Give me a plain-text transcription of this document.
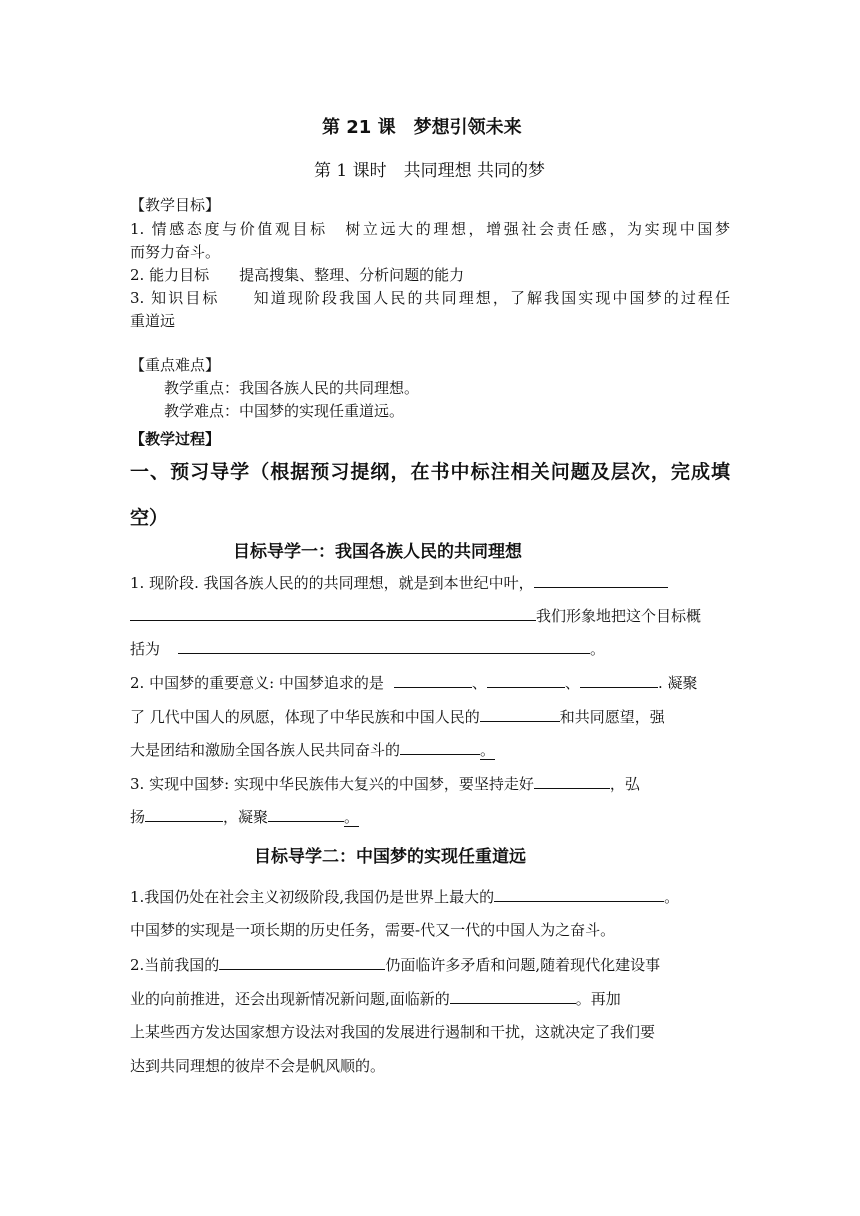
第 21 课　梦想引领未来
第 1 课时　共同理想 共同的梦
【教学目标】
1. 情感态度与价值观目标　树立远大的理想，增强社会责任感，为实现中国梦
而努力奋斗。
2. 能力目标　　提高搜集、整理、分析问题的能力
3. 知识目标　　知道现阶段我国人民的共同理想，了解我国实现中国梦的过程任
重道远
【重点难点】
教学重点：我国各族人民的共同理想。
教学难点：中国梦的实现任重道远。
【教学过程】
一、预习导学（根据预习提纲，在书中标注相关问题及层次，完成填
空）
目标导学一：我国各族人民的共同理想
1. 现阶段. 我国各族人民的的共同理想，就是到本世纪中叶，
我们形象地把这个目标概
括为	。
2. 中国梦的重要意义: 中国梦追求的是	、	、	. 凝聚
了 几代中国人的夙愿，体现了中华民族和中国人民的	和共同愿望，强
大是团结和激励全国各族人民共同奋斗的	。
3. 实现中国梦: 实现中华民族伟大复兴的中国梦，要坚持走好	，弘
扬	，凝聚	。
目标导学二：中国梦的实现任重道远
1.我国仍处在社会主义初级阶段,我国仍是世界上最大的	。
中国梦的实现是一项长期的历史任务，需要-代又一代的中国人为之奋斗。
2.当前我国的	仍面临许多矛盾和问题,随着现代化建设事
业的向前推进，还会出现新情况新问题,面临新的	。再加
上某些西方发达国家想方设法对我国的发展进行遏制和干扰，这就决定了我们要
达到共同理想的彼岸不会是帆风顺的。
